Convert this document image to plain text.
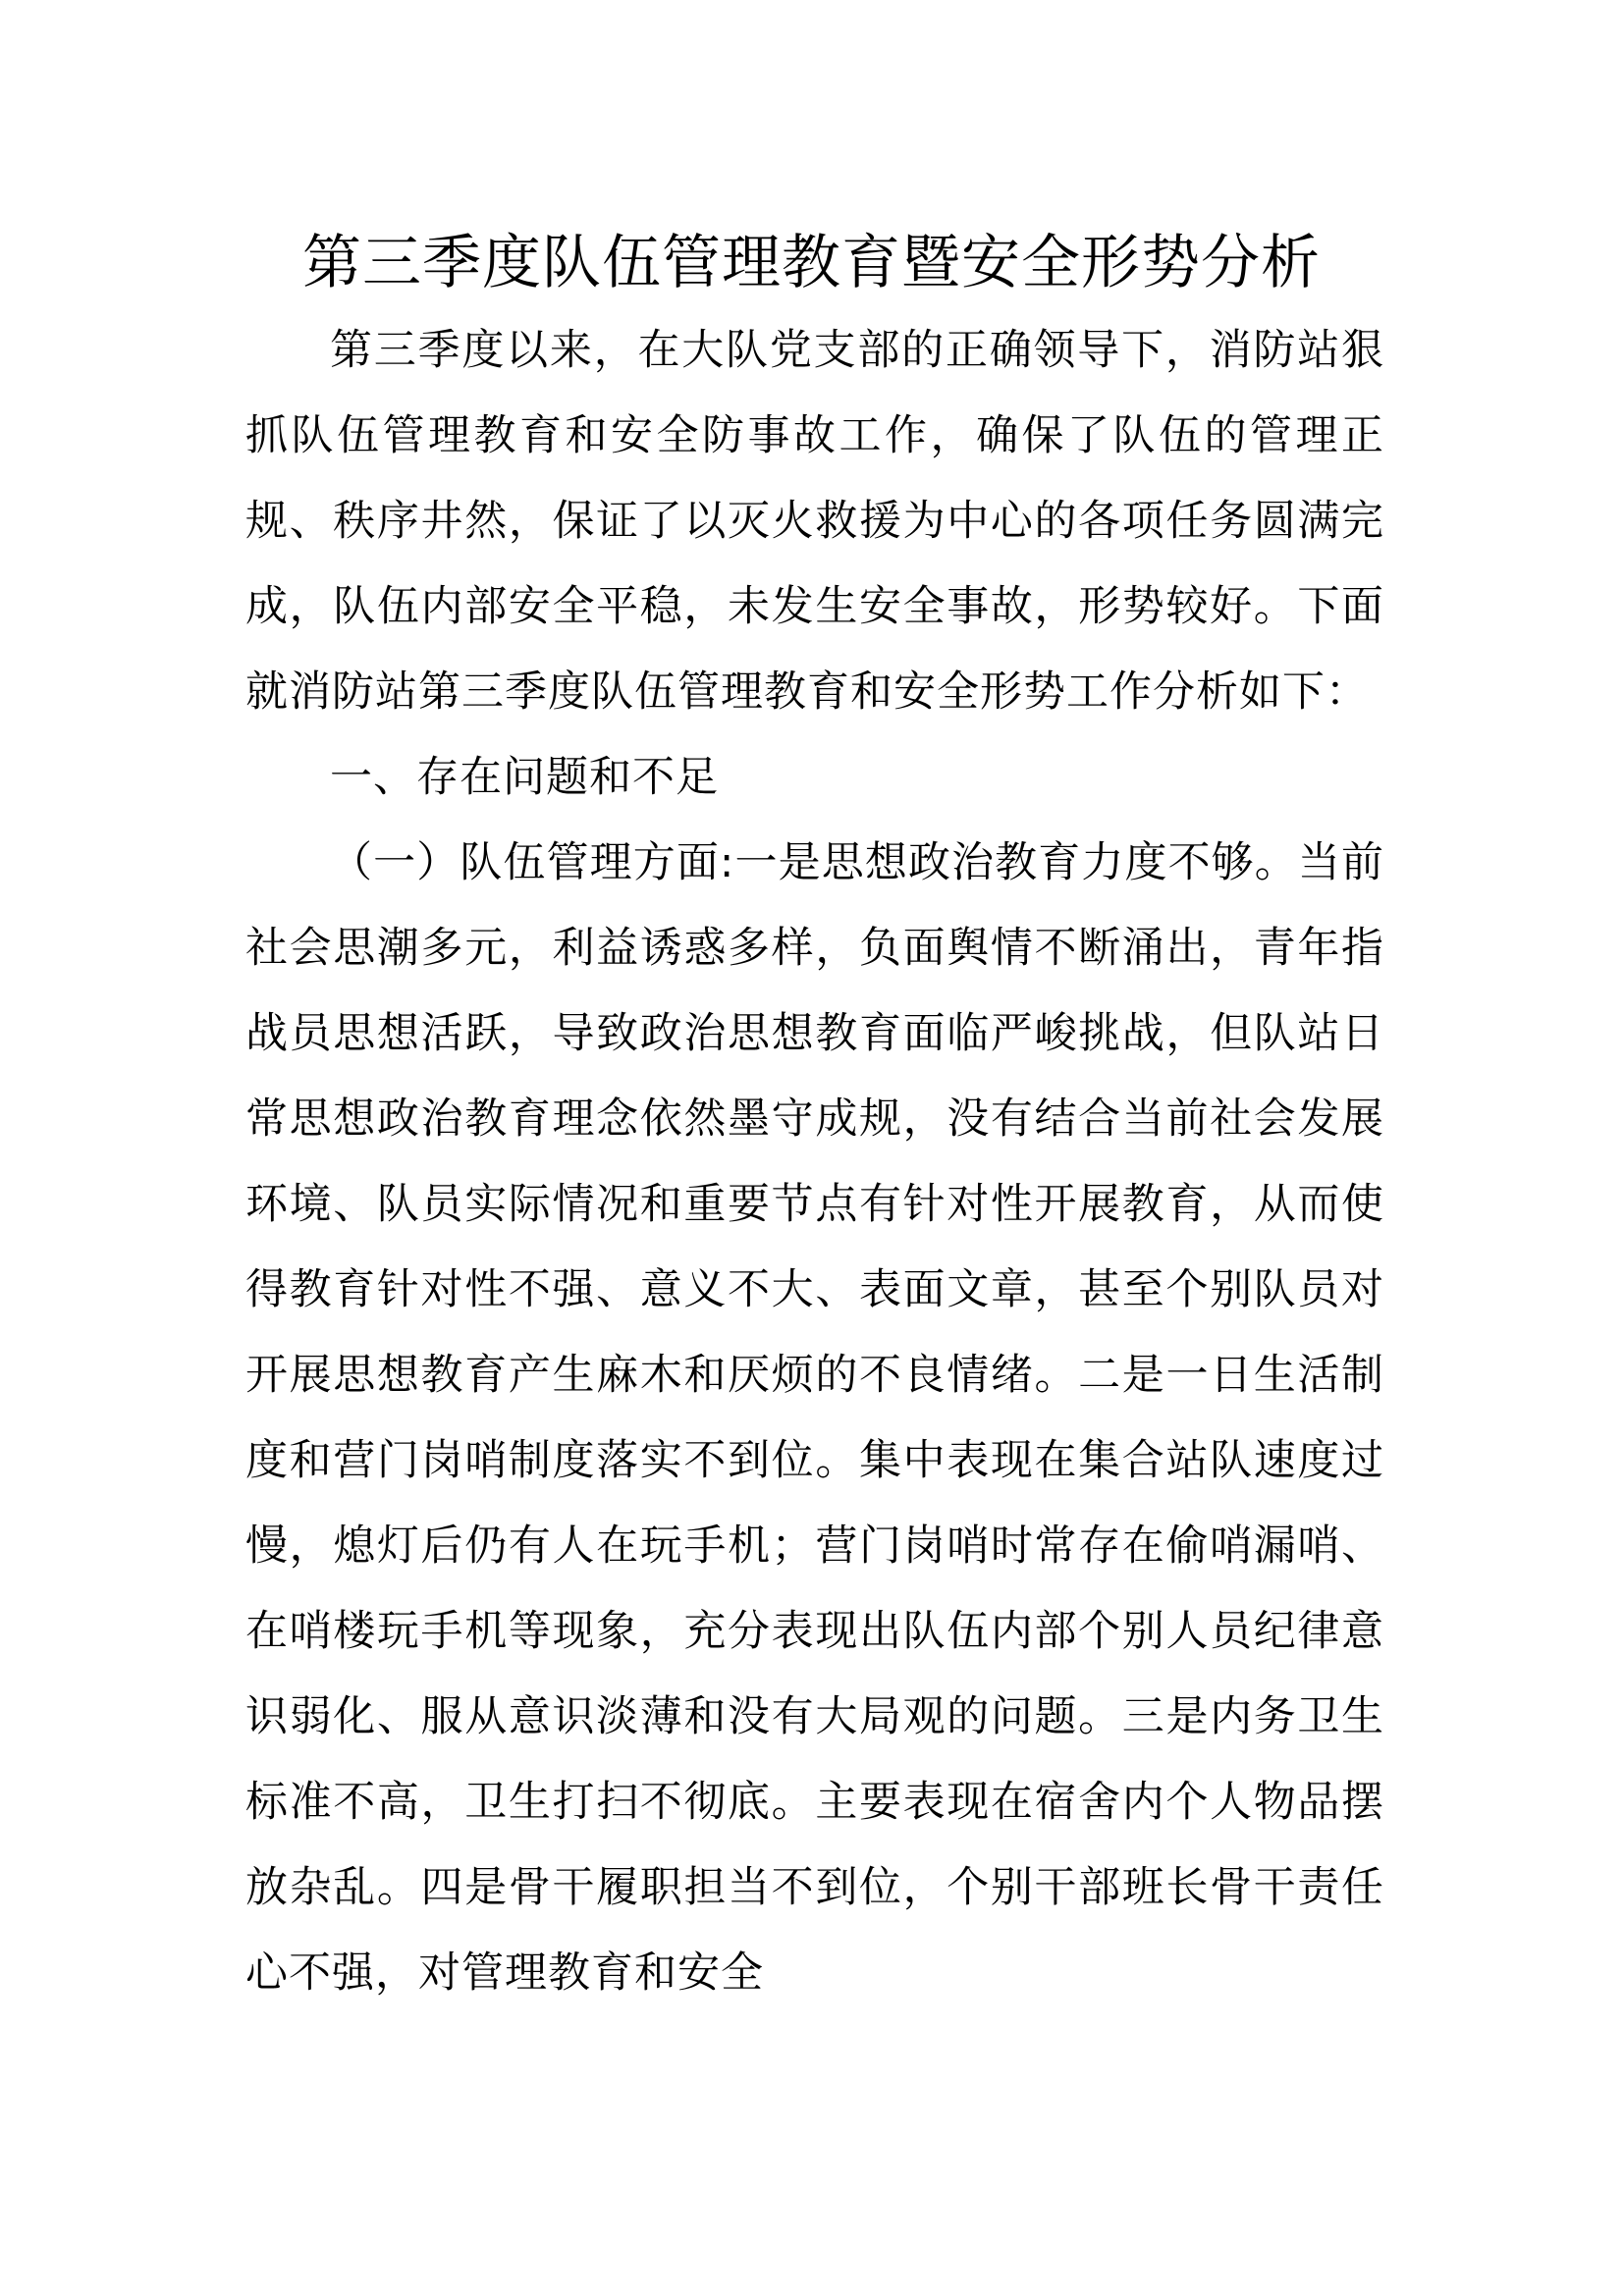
第三季度队伍管理教育暨安全形势分析

第三季度以来，在大队党支部的正确领导下，消防站狠抓队伍管理教育和安全防事故工作，确保了队伍的管理正规、秩序井然，保证了以灭火救援为中心的各项任务圆满完成，队伍内部安全平稳，未发生安全事故，形势较好。下面就消防站第三季度队伍管理教育和安全形势工作分析如下：

一、存在问题和不足

（一）队伍管理方面:一是思想政治教育力度不够。当前社会思潮多元，利益诱惑多样，负面舆情不断涌出，青年指战员思想活跃，导致政治思想教育面临严峻挑战，但队站日常思想政治教育理念依然墨守成规，没有结合当前社会发展环境、队员实际情况和重要节点有针对性开展教育，从而使得教育针对性不强、意义不大、表面文章，甚至个别队员对开展思想教育产生麻木和厌烦的不良情绪。二是一日生活制度和营门岗哨制度落实不到位。集中表现在集合站队速度过慢，熄灯后仍有人在玩手机；营门岗哨时常存在偷哨漏哨、在哨楼玩手机等现象，充分表现出队伍内部个别人员纪律意识弱化、服从意识淡薄和没有大局观的问题。三是内务卫生标准不高，卫生打扫不彻底。主要表现在宿舍内个人物品摆放杂乱。四是骨干履职担当不到位，个别干部班长骨干责任心不强，对管理教育和安全
